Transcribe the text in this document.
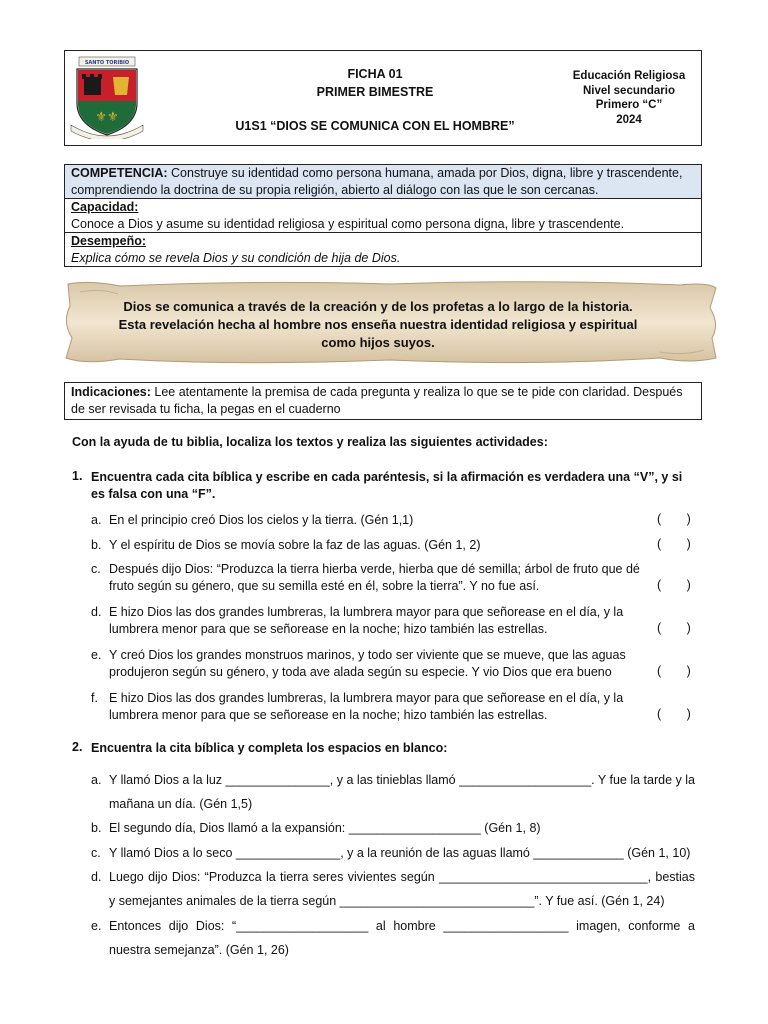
SANTO TORIBIO
⚜⚜
FICHA 01
PRIMER BIMESTRE
U1S1 “DIOS SE COMUNICA CON EL HOMBRE”
Educación Religiosa
Nivel secundario
Primero “C”
2024
COMPETENCIA: Construye su identidad como persona humana, amada por Dios, digna, libre y trascendente, comprendiendo la doctrina de su propia religión, abierto al diálogo con las que le son cercanas.

Capacidad:
Conoce a Dios y asume su identidad religiosa y espiritual como persona digna, libre y trascendente.

Desempeño:
Explica cómo se revela Dios y su condición de hija de Dios.
Dios se comunica a través de la creación y de los profetas a lo largo de la historia.
Esta revelación hecha al hombre nos enseña nuestra identidad religiosa y espiritual
como hijos suyos.
Indicaciones: Lee atentamente la premisa de cada pregunta y realiza lo que se te pide con claridad. Después de ser revisada tu ficha, la pegas en el cuaderno
Con la ayuda de tu biblia, localiza los textos y realiza las siguientes actividades:
1. Encuentra cada cita bíblica y escribe en cada paréntesis, si la afirmación es verdadera una “V”, y si es falsa con una “F”.
a. En el principio creó Dios los cielos y la tierra. (Gén 1,1)	( )
b. Y el espíritu de Dios se movía sobre la faz de las aguas. (Gén 1, 2)	( )
c. Después dijo Dios: “Produzca la tierra hierba verde, hierba que dé semilla; árbol de fruto que dé fruto según su género, que su semilla esté en él, sobre la tierra”. Y no fue así.	( )
d. E hizo Dios las dos grandes lumbreras, la lumbrera mayor para que señorease en el día, y la lumbrera menor para que se señorease en la noche; hizo también las estrellas.	( )
e. Y creó Dios los grandes monstruos marinos, y todo ser viviente que se mueve, que las aguas produjeron según su género, y toda ave alada según su especie. Y vio Dios que era bueno	( )
f. E hizo Dios las dos grandes lumbreras, la lumbrera mayor para que señorease en el día, y la lumbrera menor para que se señorease en la noche; hizo también las estrellas.	( )
2. Encuentra la cita bíblica y completa los espacios en blanco:
a. Y llamó Dios a la luz _______________, y a las tinieblas llamó ___________________. Y fue la tarde y la mañana un día. (Gén 1,5)
b. El segundo día, Dios llamó a la expansión: ___________________ (Gén 1, 8)
c. Y llamó Dios a lo seco _______________, y a la reunión de las aguas llamó _____________ (Gén 1, 10)
d. Luego dijo Dios: “Produzca la tierra seres vivientes según ______________________________, bestias y semejantes animales de la tierra según ____________________________”. Y fue así. (Gén 1, 24)
e. Entonces dijo Dios: “___________________ al hombre __________________ imagen, conforme a nuestra semejanza”. (Gén 1, 26)
